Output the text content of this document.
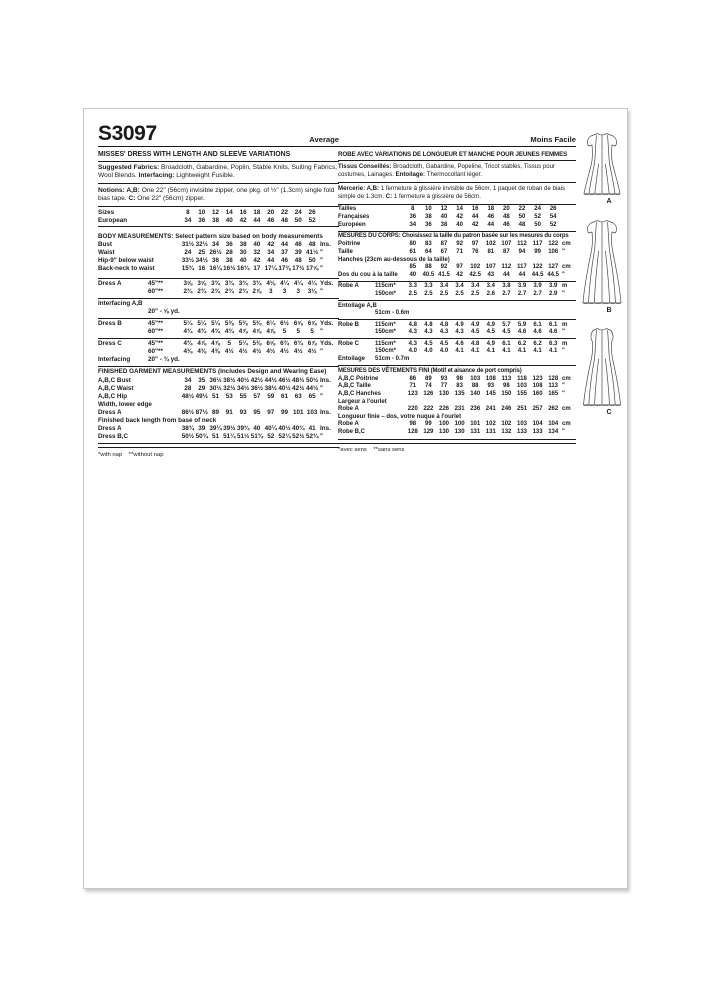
S3097	Average
MISSES' DRESS WITH LENGTH AND SLEEVE VARIATIONS
Suggested Fabrics: Broadcloth, Gabardine, Poplin, Stable Knits, Suiting Fabrics, Wool Blends. Interfacing: Lightweight Fusible.
Notions: A,B: One 22" (56cm) invisible zipper, one pkg. of ½" (1.3cm) single fold bias tape. C: One 22" (56cm) zipper.
Sizes	8	10	12	14	16	18	20	22	24	26
European	34	36	38	40	42	44	46	48	50	52
BODY MEASUREMENTS: Select pattern size based on body measurements
Bust	31½ 32½ 34	36	38	40	42	44	46	48 Ins.
Waist	24	25 26½ 28	30	32	34	37	39 41½ "
Hip-9" below waist	33½ 34½ 36	38	40	42	44	46	48	50 "
Back-neck to waist	15¾ 16 16¼ 16½ 16¾ 17 17¼ 17⅜ 17½ 17⅝ "
Dress A	45"**	3⅝ 3⅝ 3¾ 3¾ 3¾ 3¾ 4⅛ 4¼ 4¼ 4¼ Yds.
60"**	2¾ 2¾ 2¾ 2¾ 2¾ 2⅞	3	3	3	3⅛ "
Interfacing A,B
20" - ⅝ yd.
Dress B	45"**	5¼ 5¼ 5¼ 5⅜ 5⅜ 5⅜ 6¼ 6½ 6⅝ 6⅝ Yds.
60"**	4¾ 4¾ 4¾ 4¾ 4⅞ 4⅞ 4⅞	5	5	5 "
Dress C	45"**	4¾ 4⅞ 4⅞	5	5¼ 5⅜ 6⅝ 6¾ 6¾ 6⅞ Yds.
60"**	4⅜ 4⅜ 4⅜ 4½ 4½ 4½ 4½ 4½ 4½ 4½ "
Interfacing	20" - ¾ yd.
FINISHED GARMENT MEASUREMENTS (Includes Design and Wearing Ease)
A,B,C Bust	34	35 36½ 38½ 40½ 42½ 44½ 46½ 48½ 50½ Ins.
A,B,C Waist	28	29 30½ 32½ 34½ 36½ 38½ 40½ 42½ 44½ "
A,B,C Hip	48½ 49½ 51	53	55	57	59	61	63	65 "
Width, lower edge
Dress A	86½ 87½ 89	91	93	95	97	99 101 103 Ins.
Finished back length from base of neck
Dress A	38¾ 39 39¼ 39½ 39¾ 40 40¼ 40½ 40¾ 41 Ins.
Dress B,C	50½ 50¾ 51 51¼ 51½ 51¾ 52 52¼ 52½ 52¾ "
*with nap    **without nap
Moins Facile
ROBE AVEC VARIATIONS DE LONGUEUR ET MANCHE POUR JEUNES FEMMES
Tissus Conseillés: Broadcloth, Gabardine, Popeline, Tricot stables, Tissus pour costumes, Lainages. Entoilage: Thermocollant léger.
Mercerie: A,B: 1 fermeture à glissière invisible de 56cm, 1 paquet de ruban de biais simple de 1.3cm. C: 1 fermeture à glissière de 56cm.
Tailles	8	10	12	14	16	18	20	22	24	26
Françaises	36	38	40	42	44	46	48	50	52	54
Européen	34	36	38	40	42	44	46	48	50	52
MESURES DU CORPS: Choisissez la taille du patron basée sur les mesures du corps
Poitrine	80	83	87	92	97	102 107 112 117 122 cm
Taille	61	64	67	71	76	81	87	94	99	106 "
Hanches (23cm au-dessous de la taille)
85	88	92	97	102 107 112 117 122 127 cm
Dos du cou à la taille	40	40.5 41.5	42	42.5	43	44	44	44.5 44.5 "
Robe A	115cm*	3.3	3.3	3.4	3.4	3.4	3.4	3.8	3.9	3.9	3.9 m
150cm*	2.5	2.5	2.5	2.5	2.5	2.6	2.7	2.7	2.7	2.9 "
Entoilage A,B
51cm - 0.6m
Robe B	115cm*	4.8	4.8	4.8	4.9	4.9	4.9	5.7	5.9	6.1	6.1 m
150cm*	4.3	4.3	4.3	4.3	4.5	4.5	4.5	4.6	4.6	4.6 "
Robe C	115cm*	4.3	4.5	4.5	4.6	4.8	4.9	6.1	6.2	6.2	6.3 m
150cm*	4.0	4.0	4.0	4.1	4.1	4.1	4.1	4.1	4.1	4.1 "
Entoilage	51cm - 0.7m
MESURES DES VÊTEMENTS FINI (Motif et aisance de port compris)
A,B,C Poitrine	86	89	93	98	103 108 113 118 123 128 cm
A,B,C Taille	71	74	77	83	88	93	98	103 108 113 "
A,B,C Hanches	123 126 130 135 140 145 150 155 160 165 "
Largeur à l'ourlet
Robe A	220 222 226 231 236 241 246 251 257 262 cm
Longueur finie – dos, votre nuque à l'ourlet
Robe A	98	99	100 100 101 102 102 103 104 104 cm
Robe B,C	128 129 130 130 131 131 132 133 133 134 "
*avec sens    **sans sens
A
B
C
